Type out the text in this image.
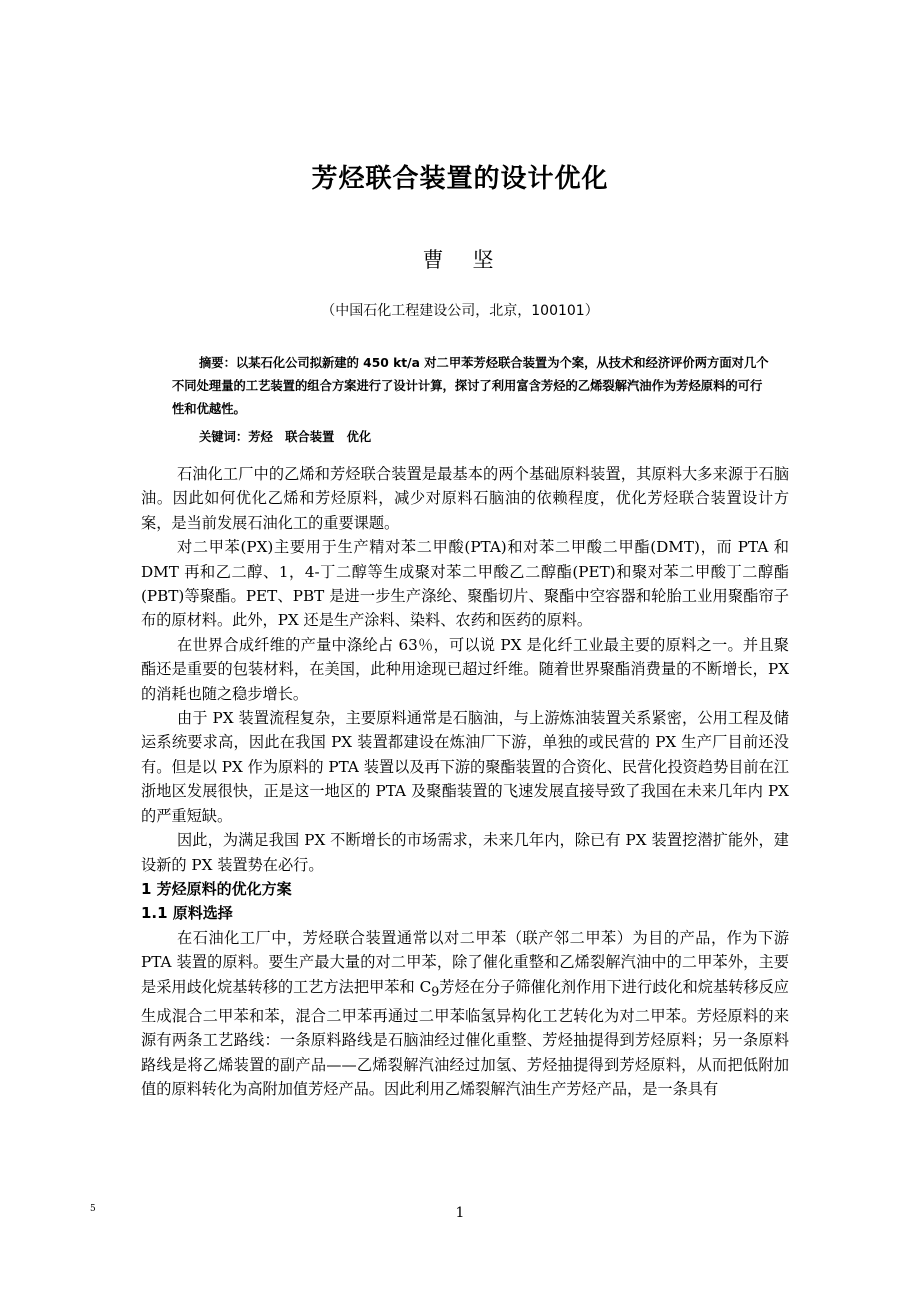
芳烃联合装置的设计优化
曹　坚
（中国石化工程建设公司，北京，100101）

摘要：以某石化公司拟新建的 450 kt/a 对二甲苯芳烃联合装置为个案，从技术和经济评价两方面对几个不同处理量的工艺装置的组合方案进行了设计计算，探讨了利用富含芳烃的乙烯裂解汽油作为芳烃原料的可行性和优越性。

关键词：芳烃　联合装置　优化

石油化工厂中的乙烯和芳烃联合装置是最基本的两个基础原料装置，其原料大多来源于石脑油。因此如何优化乙烯和芳烃原料，减少对原料石脑油的依赖程度，优化芳烃联合装置设计方案，是当前发展石油化工的重要课题。

对二甲苯(PX)主要用于生产精对苯二甲酸(PTA)和对苯二甲酸二甲酯(DMT)，而 PTA 和 DMT 再和乙二醇、1，4-丁二醇等生成聚对苯二甲酸乙二醇酯(PET)和聚对苯二甲酸丁二醇酯(PBT)等聚酯。PET、PBT 是进一步生产涤纶、聚酯切片、聚酯中空容器和轮胎工业用聚酯帘子布的原材料。此外，PX 还是生产涂料、染料、农药和医药的原料。

在世界合成纤维的产量中涤纶占 63％，可以说 PX 是化纤工业最主要的原料之一。并且聚酯还是重要的包装材料，在美国，此种用途现已超过纤维。随着世界聚酯消费量的不断增长，PX 的消耗也随之稳步增长。

由于 PX 装置流程复杂，主要原料通常是石脑油，与上游炼油装置关系紧密，公用工程及储运系统要求高，因此在我国 PX 装置都建设在炼油厂下游，单独的或民营的 PX 生产厂目前还没有。但是以 PX 作为原料的 PTA 装置以及再下游的聚酯装置的合资化、民营化投资趋势目前在江浙地区发展很快，正是这一地区的 PTA 及聚酯装置的飞速发展直接导致了我国在未来几年内 PX 的严重短缺。

因此，为满足我国 PX 不断增长的市场需求，未来几年内，除已有 PX 装置挖潜扩能外，建设新的 PX 装置势在必行。

1 芳烃原料的优化方案
1.1 原料选择

在石油化工厂中，芳烃联合装置通常以对二甲苯（联产邻二甲苯）为目的产品，作为下游 PTA 装置的原料。要生产最大量的对二甲苯，除了催化重整和乙烯裂解汽油中的二甲苯外，主要是采用歧化烷基转移的工艺方法把甲苯和 $C_9$芳烃在分子筛催化剂作用下进行歧化和烷基转移反应生成混合二甲苯和苯，混合二甲苯再通过二甲苯临氢异构化工艺转化为对二甲苯。芳烃原料的来源有两条工艺路线：一条原料路线是石脑油经过催化重整、芳烃抽提得到芳烃原料；另一条原料路线是将乙烯装置的副产品——乙烯裂解汽油经过加氢、芳烃抽提得到芳烃原料，从而把低附加值的原料转化为高附加值芳烃产品。因此利用乙烯裂解汽油生产芳烃产品，是一条具有

5	1
